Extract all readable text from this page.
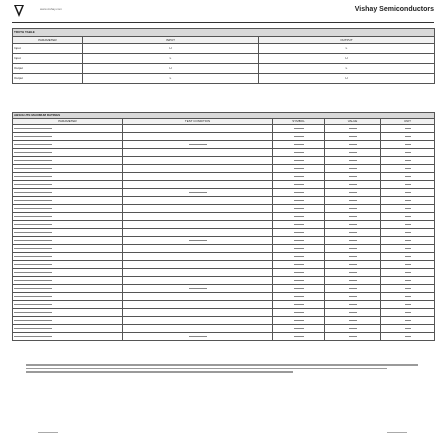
www.vishay.com	Vishay Semiconductors
TRUTH TABLE		
PARAMETER	INPUT	OUTPUT
Input	H	L
Input	L	H
Output	H	L
Output	L	H
ABSOLUTE MAXIMUM RATINGS				
PARAMETER	TEST CONDITION	SYMBOL	VALUE	UNIT
